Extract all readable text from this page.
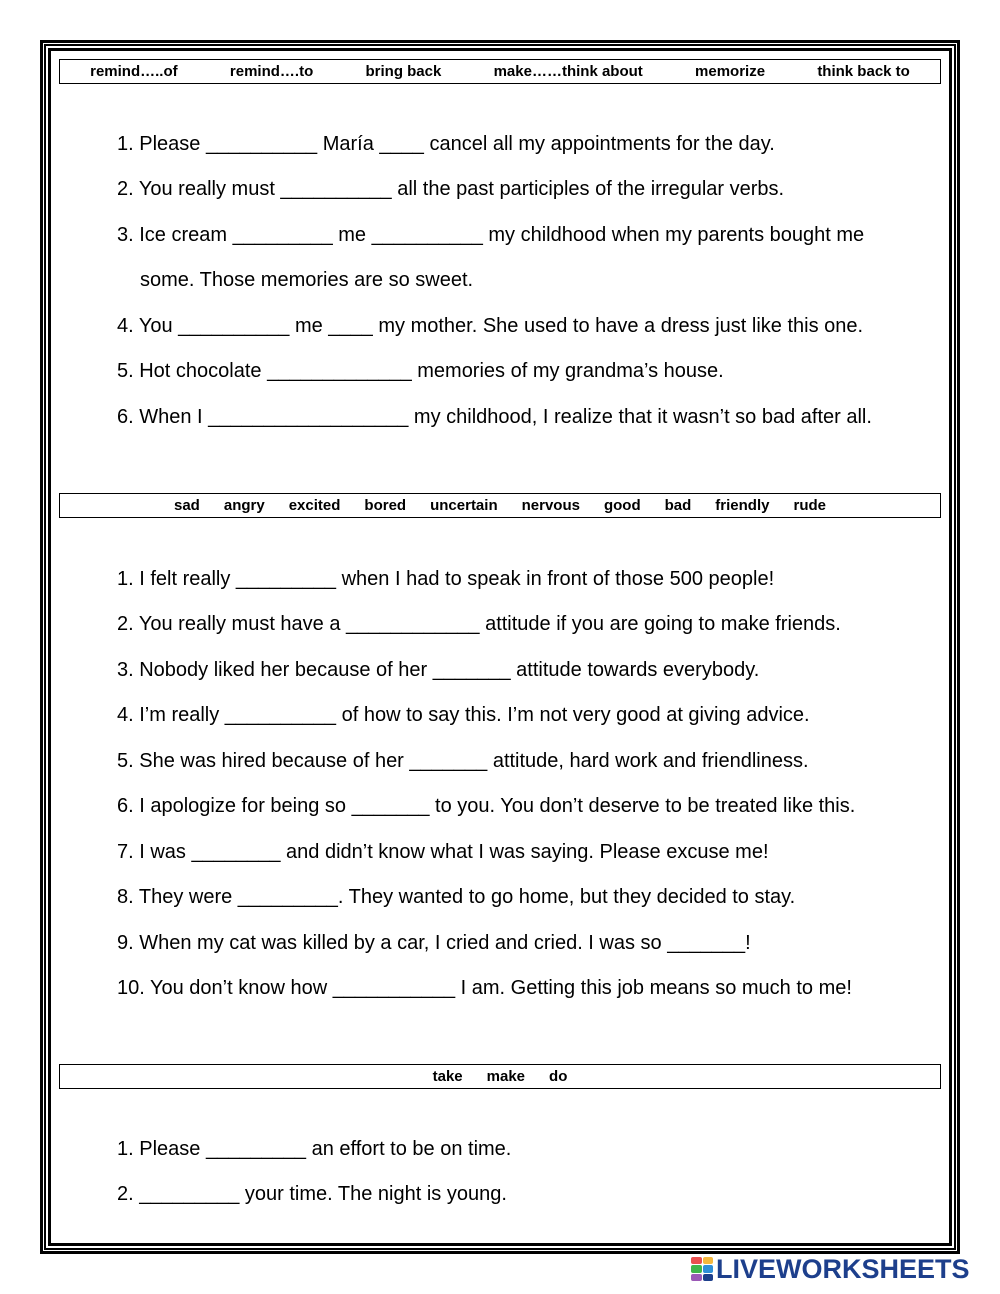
remind…..of	remind….to	bring back	make……think about	memorize	think back to
1. Please __________ María ____ cancel all my appointments for the day.
2. You really must __________ all the past participles of the irregular verbs.
3. Ice cream _________ me __________ my childhood when my parents bought me
some. Those memories are so sweet.
4. You __________ me ____ my mother. She used to have a dress just like this one.
5. Hot chocolate _____________ memories of my grandma’s house.
6. When I __________________ my childhood, I realize that it wasn’t so bad after all.
sad angry excited bored uncertain nervous good bad friendly rude
1. I felt really _________ when I had to speak in front of those 500 people!
2. You really must have a ____________ attitude if you are going to make friends.
3. Nobody liked her because of her _______ attitude towards everybody.
4. I’m really __________ of how to say this. I’m not very good at giving advice.
5. She was hired because of her _______ attitude, hard work and friendliness.
6. I apologize for being so _______ to you. You don’t deserve to be treated like this.
7. I was ________ and didn’t know what I was saying. Please excuse me!
8. They were _________. They wanted to go home, but they decided to stay.
9. When my cat was killed by a car, I cried and cried. I was so _______!
10. You don’t know how ___________ I am. Getting this job means so much to me!
take make do
1. Please _________ an effort to be on time.
2. _________ your time. The night is young.
LIVEWORKSHEETS
